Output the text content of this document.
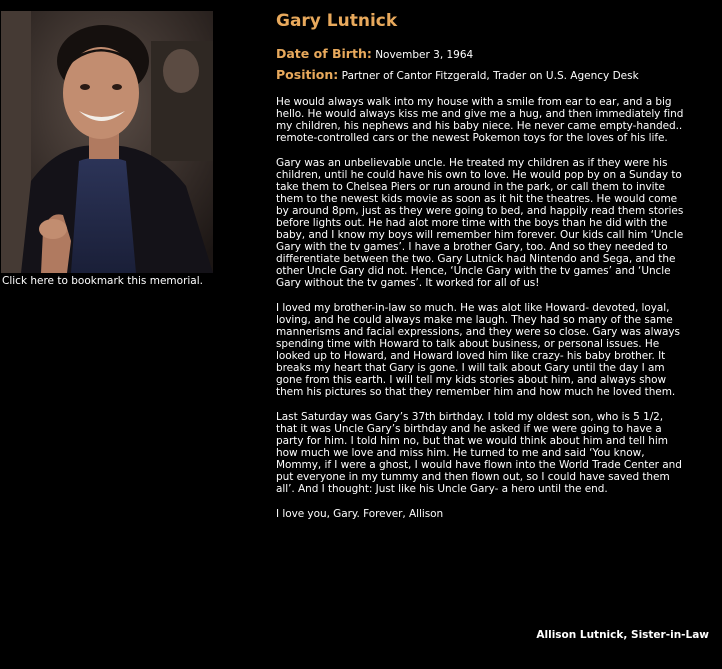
Click here to bookmark this memorial.
Gary Lutnick
Date of Birth: November 3, 1964
Position: Partner of Cantor Fitzgerald, Trader on U.S. Agency Desk

He would always walk into my house with a smile from ear to ear, and a big hello. He would always kiss me and give me a hug, and then immediately find my children, his nephews and his baby niece. He never came empty-handed.. remote-controlled cars or the newest Pokemon toys for the loves of his life.

Gary was an unbelievable uncle. He treated my children as if they were his children, until he could have his own to love. He would pop by on a Sunday to take them to Chelsea Piers or run around in the park, or call them to invite them to the newest kids movie as soon as it hit the theatres. He would come by around 8pm, just as they were going to bed, and happily read them stories before lights out. He had alot more time with the boys than he did with the baby, and I know my boys will remember him forever. Our kids call him ‘Uncle Gary with the tv games’. I have a brother Gary, too. And so they needed to differentiate between the two. Gary Lutnick had Nintendo and Sega, and the other Uncle Gary did not. Hence, ‘Uncle Gary with the tv games’ and ‘Uncle Gary without the tv games’. It worked for all of us!

I loved my brother-in-law so much. He was alot like Howard- devoted, loyal, loving, and he could always make me laugh. They had so many of the same mannerisms and facial expressions, and they were so close. Gary was always spending time with Howard to talk about business, or personal issues. He looked up to Howard, and Howard loved him like crazy- his baby brother. It breaks my heart that Gary is gone. I will talk about Gary until the day I am gone from this earth. I will tell my kids stories about him, and always show them his pictures so that they remember him and how much he loved them.

Last Saturday was Gary’s 37th birthday. I told my oldest son, who is 5 1/2, that it was Uncle Gary’s birthday and he asked if we were going to have a party for him. I told him no, but that we would think about him and tell him how much we love and miss him. He turned to me and said ‘You know, Mommy, if I were a ghost, I would have flown into the World Trade Center and put everyone in my tummy and then flown out, so I could have saved them all’. And I thought: Just like his Uncle Gary- a hero until the end.

I love you, Gary. Forever, Allison

Allison Lutnick, Sister-in-Law
